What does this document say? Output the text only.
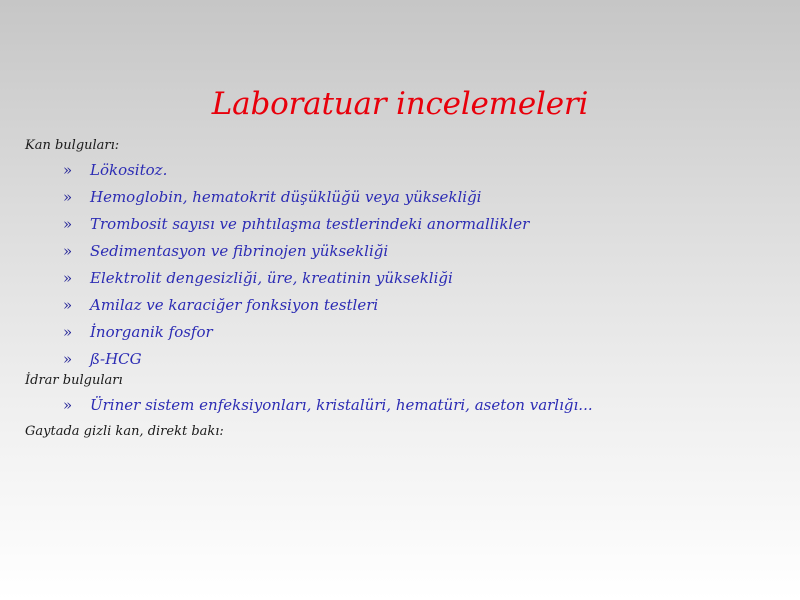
Laboratuar incelemeleri
Kan bulguları:
» Lökositoz.
» Hemoglobin, hematokrit düşüklüğü veya yüksekliği
» Trombosit sayısı ve pıhtılaşma testlerindeki anormallikler
» Sedimentasyon ve fibrinojen yüksekliği
» Elektrolit dengesizliği, üre, kreatinin yüksekliği
» Amilaz ve karaciğer fonksiyon testleri
» İnorganik fosfor
» ß-HCG
İdrar bulguları
» Üriner sistem enfeksiyonları, kristalüri, hematüri, aseton varlığı...
Gaytada gizli kan, direkt bakı:
